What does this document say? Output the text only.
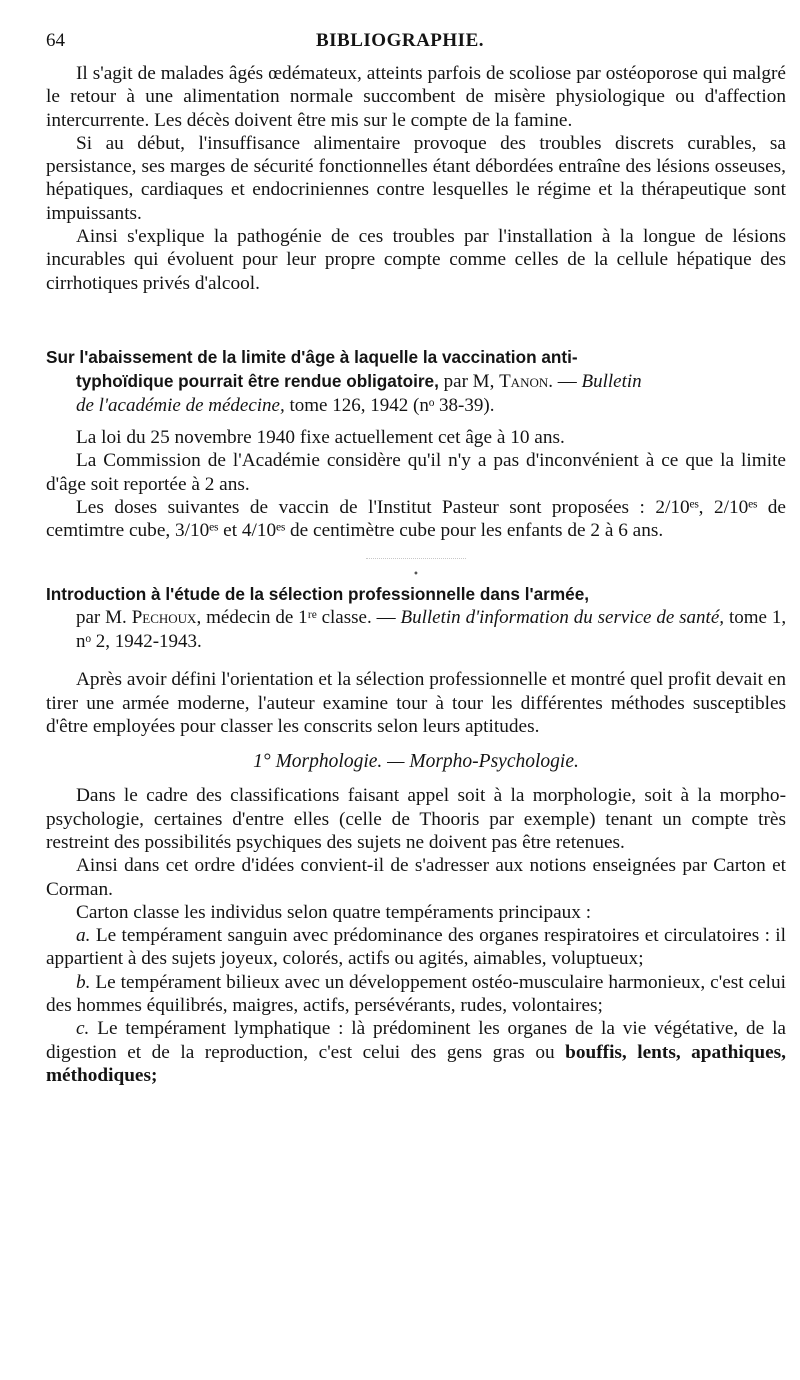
64	BIBLIOGRAPHIE.

Il s'agit de malades âgés œdémateux, atteints parfois de scoliose par ostéoporose qui malgré le retour à une alimentation normale succombent de misère physiologique ou d'affection intercurrente. Les décès doivent être mis sur le compte de la famine.

Si au début, l'insuffisance alimentaire provoque des troubles discrets curables, sa persistance, ses marges de sécurité fonctionnelles étant débordées entraîne des lésions osseuses, hépatiques, cardiaques et endocriniennes contre lesquelles le régime et la thérapeutique sont impuissants.

Ainsi s'explique la pathogénie de ces troubles par l'installation à la longue de lésions incurables qui évoluent pour leur propre compte comme celles de la cellule hépatique des cirrhotiques privés d'alcool.

Sur l'abaissement de la limite d'âge à laquelle la vaccination anti-
typhoïdique pourrait être rendue obligatoire, par M, Tanon. — Bulletin
de l'académie de médecine, tome 126, 1942 (nᵒ 38-39).

La loi du 25 novembre 1940 fixe actuellement cet âge à 10 ans.

La Commission de l'Académie considère qu'il n'y a pas d'inconvénient à ce que la limite d'âge soit reportée à 2 ans.

Les doses suivantes de vaccin de l'Institut Pasteur sont proposées : 2/10ᵉˢ, 2/10ᵉˢ de cemtimtre cube, 3/10ᵉˢ et 4/10ᵉˢ de centimètre cube pour les enfants de 2 à 6 ans.

•
Introduction à l'étude de la sélection professionnelle dans l'armée,
par M. Pechoux, médecin de 1ʳᵉ classe. — Bulletin d'information du service de santé, tome 1, nᵒ 2, 1942-1943.

Après avoir défini l'orientation et la sélection professionnelle et montré quel profit devait en tirer une armée moderne, l'auteur examine tour à tour les différentes méthodes susceptibles d'être employées pour classer les conscrits selon leurs aptitudes.

1° Morphologie. — Morpho-Psychologie.

Dans le cadre des classifications faisant appel soit à la morphologie, soit à la morpho-psychologie, certaines d'entre elles (celle de Thooris par exemple) tenant un compte très restreint des possibilités psychiques des sujets ne doivent pas être retenues.

Ainsi dans cet ordre d'idées convient-il de s'adresser aux notions enseignées par Carton et Corman.

Carton classe les individus selon quatre tempéraments principaux :

a. Le tempérament sanguin avec prédominance des organes respiratoires et circulatoires : il appartient à des sujets joyeux, colorés, actifs ou agités, aimables, voluptueux;

b. Le tempérament bilieux avec un développement ostéo-musculaire harmonieux, c'est celui des hommes équilibrés, maigres, actifs, persévérants, rudes, volontaires;

c. Le tempérament lymphatique : là prédominent les organes de la vie végétative, de la digestion et de la reproduction, c'est celui des gens gras ou bouffis, lents, apathiques, méthodiques;
